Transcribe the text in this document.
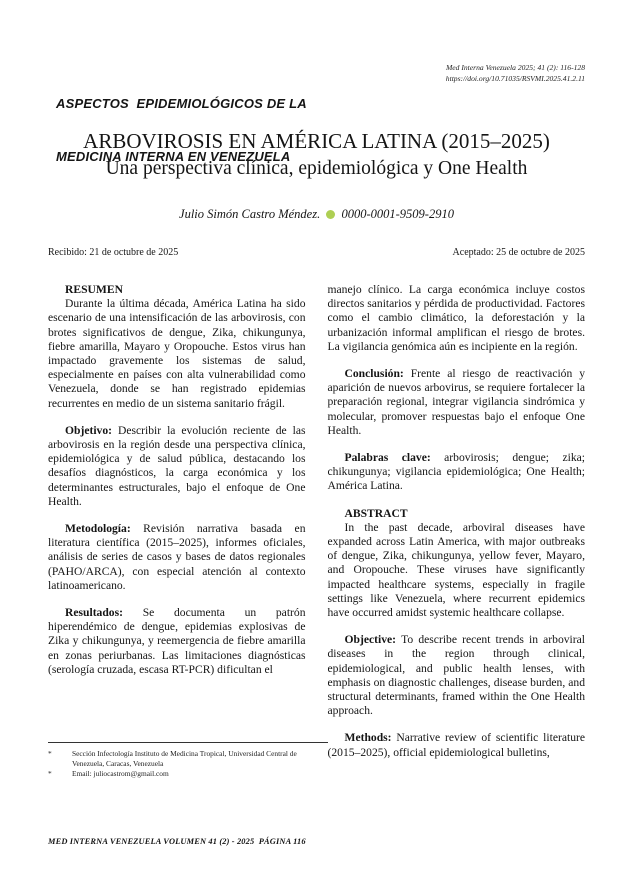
ASPECTOS  EPIDEMIOLÓGICOS DE LA

MEDICINA INTERNA EN VENEZUELA

Med Interna Venezuela 2025; 41 (2): 116-128
https://doi.org/10.71035/RSVMI.2025.41.2.11
ARBOVIROSIS EN AMÉRICA LATINA (2015–2025)
Una perspectiva clínica, epidemiológica y One Health
Julio Simón Castro Méndez. 0000-0001-9509-2910
Recibido: 21 de octubre de 2025	Aceptado: 25 de octubre de 2025

RESUMEN

Durante la última década, América Latina ha sido escenario de una intensificación de las arbovirosis, con brotes significativos de dengue, Zika, chikungunya, fiebre amarilla, Mayaro y Oropouche. Estos virus han impactado gravemente los sistemas de salud, especialmente en países con alta vulnerabilidad como Venezuela, donde se han registrado epidemias recurrentes en medio de un sistema sanitario frágil.

Objetivo: Describir la evolución reciente de las arbovirosis en la región desde una perspectiva clínica, epidemiológica y de salud pública, destacando los desafíos diagnósticos, la carga económica y los determinantes estructurales, bajo el enfoque de One Health.

Metodología: Revisión narrativa basada en literatura científica (2015–2025), informes oficiales, análisis de series de casos y bases de datos regionales (PAHO/ARCA), con especial atención al contexto latinoamericano.

Resultados: Se documenta un patrón hiperendémico de dengue, epidemias explosivas de Zika y chikungunya, y reemergencia de fiebre amarilla en zonas periurbanas. Las limitaciones diagnósticas (serología cruzada, escasa RT-PCR) dificultan el

manejo clínico. La carga económica incluye costos directos sanitarios y pérdida de productividad. Factores como el cambio climático, la deforestación y la urbanización informal amplifican el riesgo de brotes. La vigilancia genómica aún es incipiente en la región.

Conclusión: Frente al riesgo de reactivación y aparición de nuevos arbovirus, se requiere fortalecer la preparación regional, integrar vigilancia sindrómica y molecular, promover respuestas bajo el enfoque One Health.

Palabras clave: arbovirosis; dengue; zika; chikungunya; vigilancia epidemiológica; One Health; América Latina.

ABSTRACT

In the past decade, arboviral diseases have expanded across Latin America, with major outbreaks of dengue, Zika, chikungunya, yellow fever, Mayaro, and Oropouche. These viruses have significantly impacted healthcare systems, especially in fragile settings like Venezuela, where recurrent epidemics have occurred amidst systemic healthcare collapse.

Objective: To describe recent trends in arboviral diseases in the region through clinical, epidemiological, and public health lenses, with emphasis on diagnostic challenges, disease burden, and structural determinants, framed within the One Health approach.

Methods: Narrative review of scientific literature (2015–2025), official epidemiological bulletins,

*	Sección Infectología Instituto de Medicina Tropical, Universidad Central de Venezuela, Caracas, Venezuela
*	Email: juliocastrom@gmail.com
MED INTERNA VENEZUELA VOLUMEN 41 (2) - 2025  PÁGINA 116
